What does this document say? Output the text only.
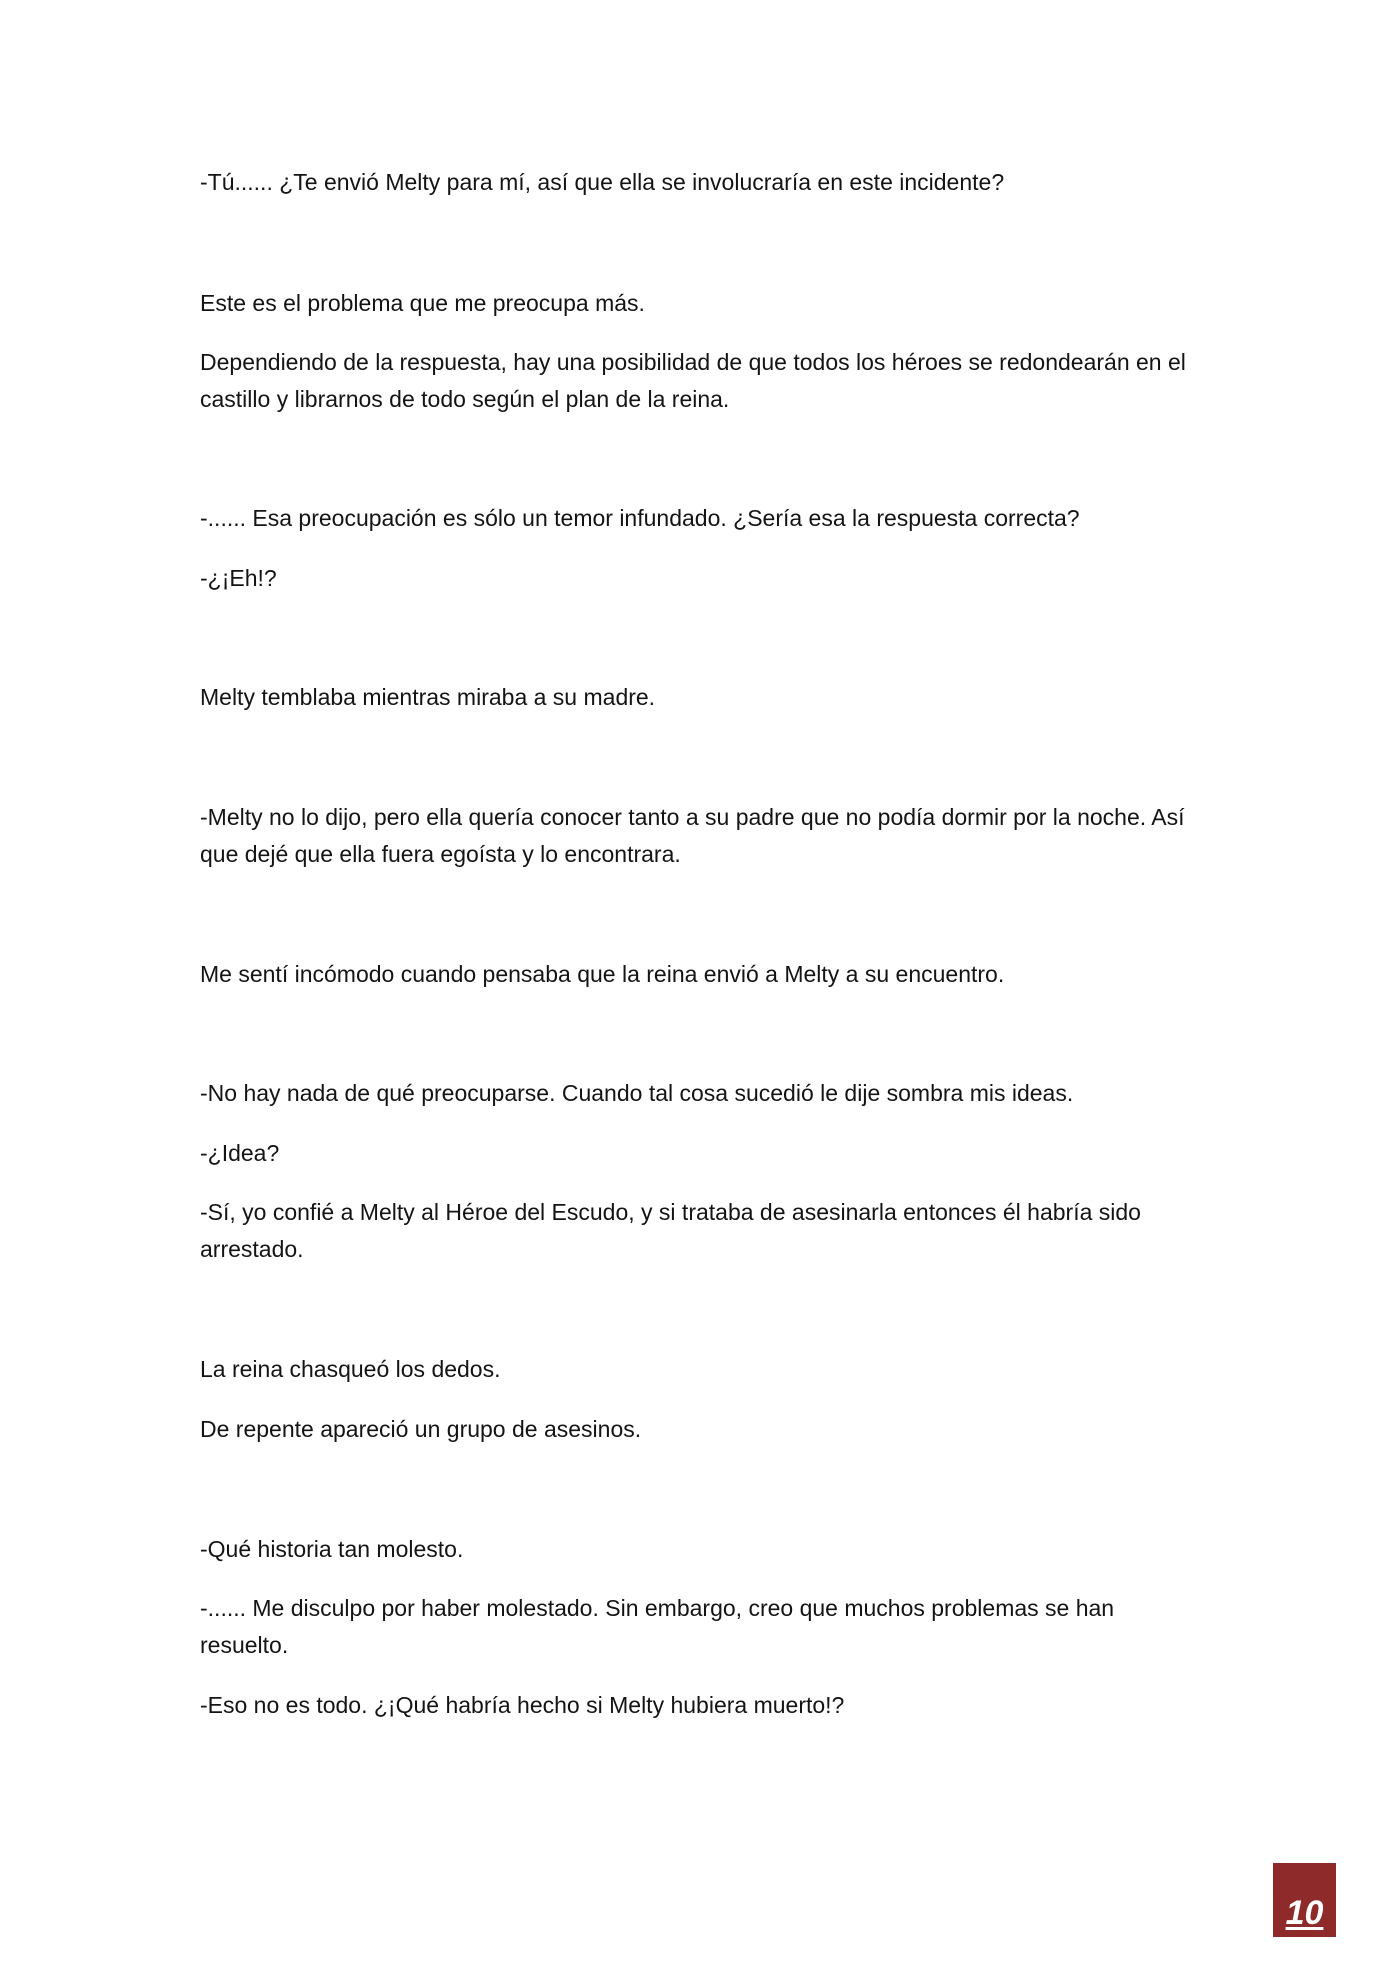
-Tú...... ¿Te envió Melty para mí, así que ella se involucraría en este incidente?

Este es el problema que me preocupa más.

Dependiendo de la respuesta, hay una posibilidad de que todos los héroes se redondearán en el castillo y librarnos de todo según el plan de la reina.

-...... Esa preocupación es sólo un temor infundado. ¿Sería esa la respuesta correcta?

-¿¡Eh!?

Melty temblaba mientras miraba a su madre.

-Melty no lo dijo, pero ella quería conocer tanto a su padre que no podía dormir por la noche. Así que dejé que ella fuera egoísta y lo encontrara.

Me sentí incómodo cuando pensaba que la reina envió a Melty a su encuentro.

-No hay nada de qué preocuparse. Cuando tal cosa sucedió le dije sombra mis ideas.

-¿Idea?

-Sí, yo confié a Melty al Héroe del Escudo, y si trataba de asesinarla entonces él habría sido arrestado.

La reina chasqueó los dedos.

De repente apareció un grupo de asesinos.

-Qué historia tan molesto.

-...... Me disculpo por haber molestado. Sin embargo, creo que muchos problemas se han resuelto.

-Eso no es todo. ¿¡Qué habría hecho si Melty hubiera muerto!?

10
